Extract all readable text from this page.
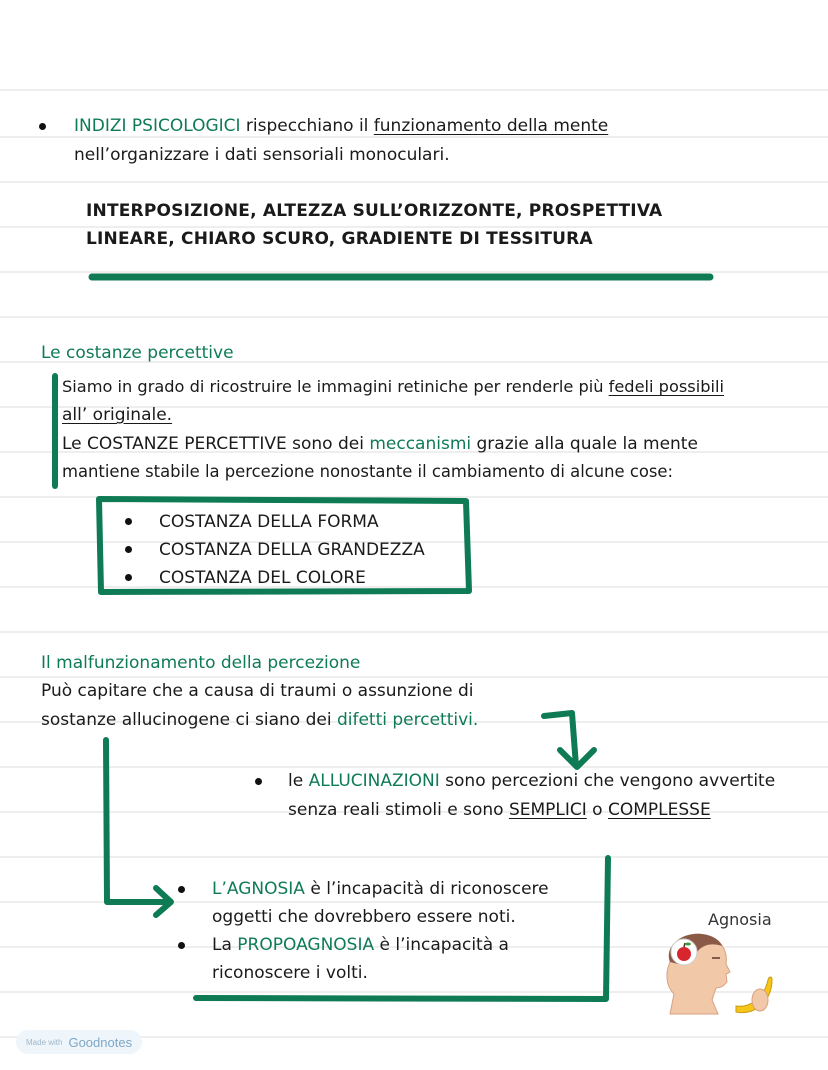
INDIZI PSICOLOGICI rispecchiano il funzionamento della mente
nell’organizzare i dati sensoriali monoculari.
INTERPOSIZIONE, ALTEZZA SULL’ORIZZONTE, PROSPETTIVA
LINEARE, CHIARO SCURO, GRADIENTE DI TESSITURA
Le costanze percettive
Siamo in grado di ricostruire le immagini retiniche per renderle più fedeli possibili
all’ originale.
Le COSTANZE PERCETTIVE sono dei meccanismi grazie alla quale la mente
mantiene stabile la percezione nonostante il cambiamento di alcune cose:
COSTANZA DELLA FORMA
COSTANZA DELLA GRANDEZZA
COSTANZA DEL COLORE
Il malfunzionamento della percezione
Può capitare che a causa di traumi o assunzione di
sostanze allucinogene ci siano dei difetti percettivi.
le ALLUCINAZIONI sono percezioni che vengono avvertite
senza reali stimoli e sono SEMPLICI o COMPLESSE
L’AGNOSIA è l’incapacità di riconoscere
oggetti che dovrebbero essere noti.
La PROPOAGNOSIA è l’incapacità a
riconoscere i volti.
Agnosia
Made with Goodnotes
